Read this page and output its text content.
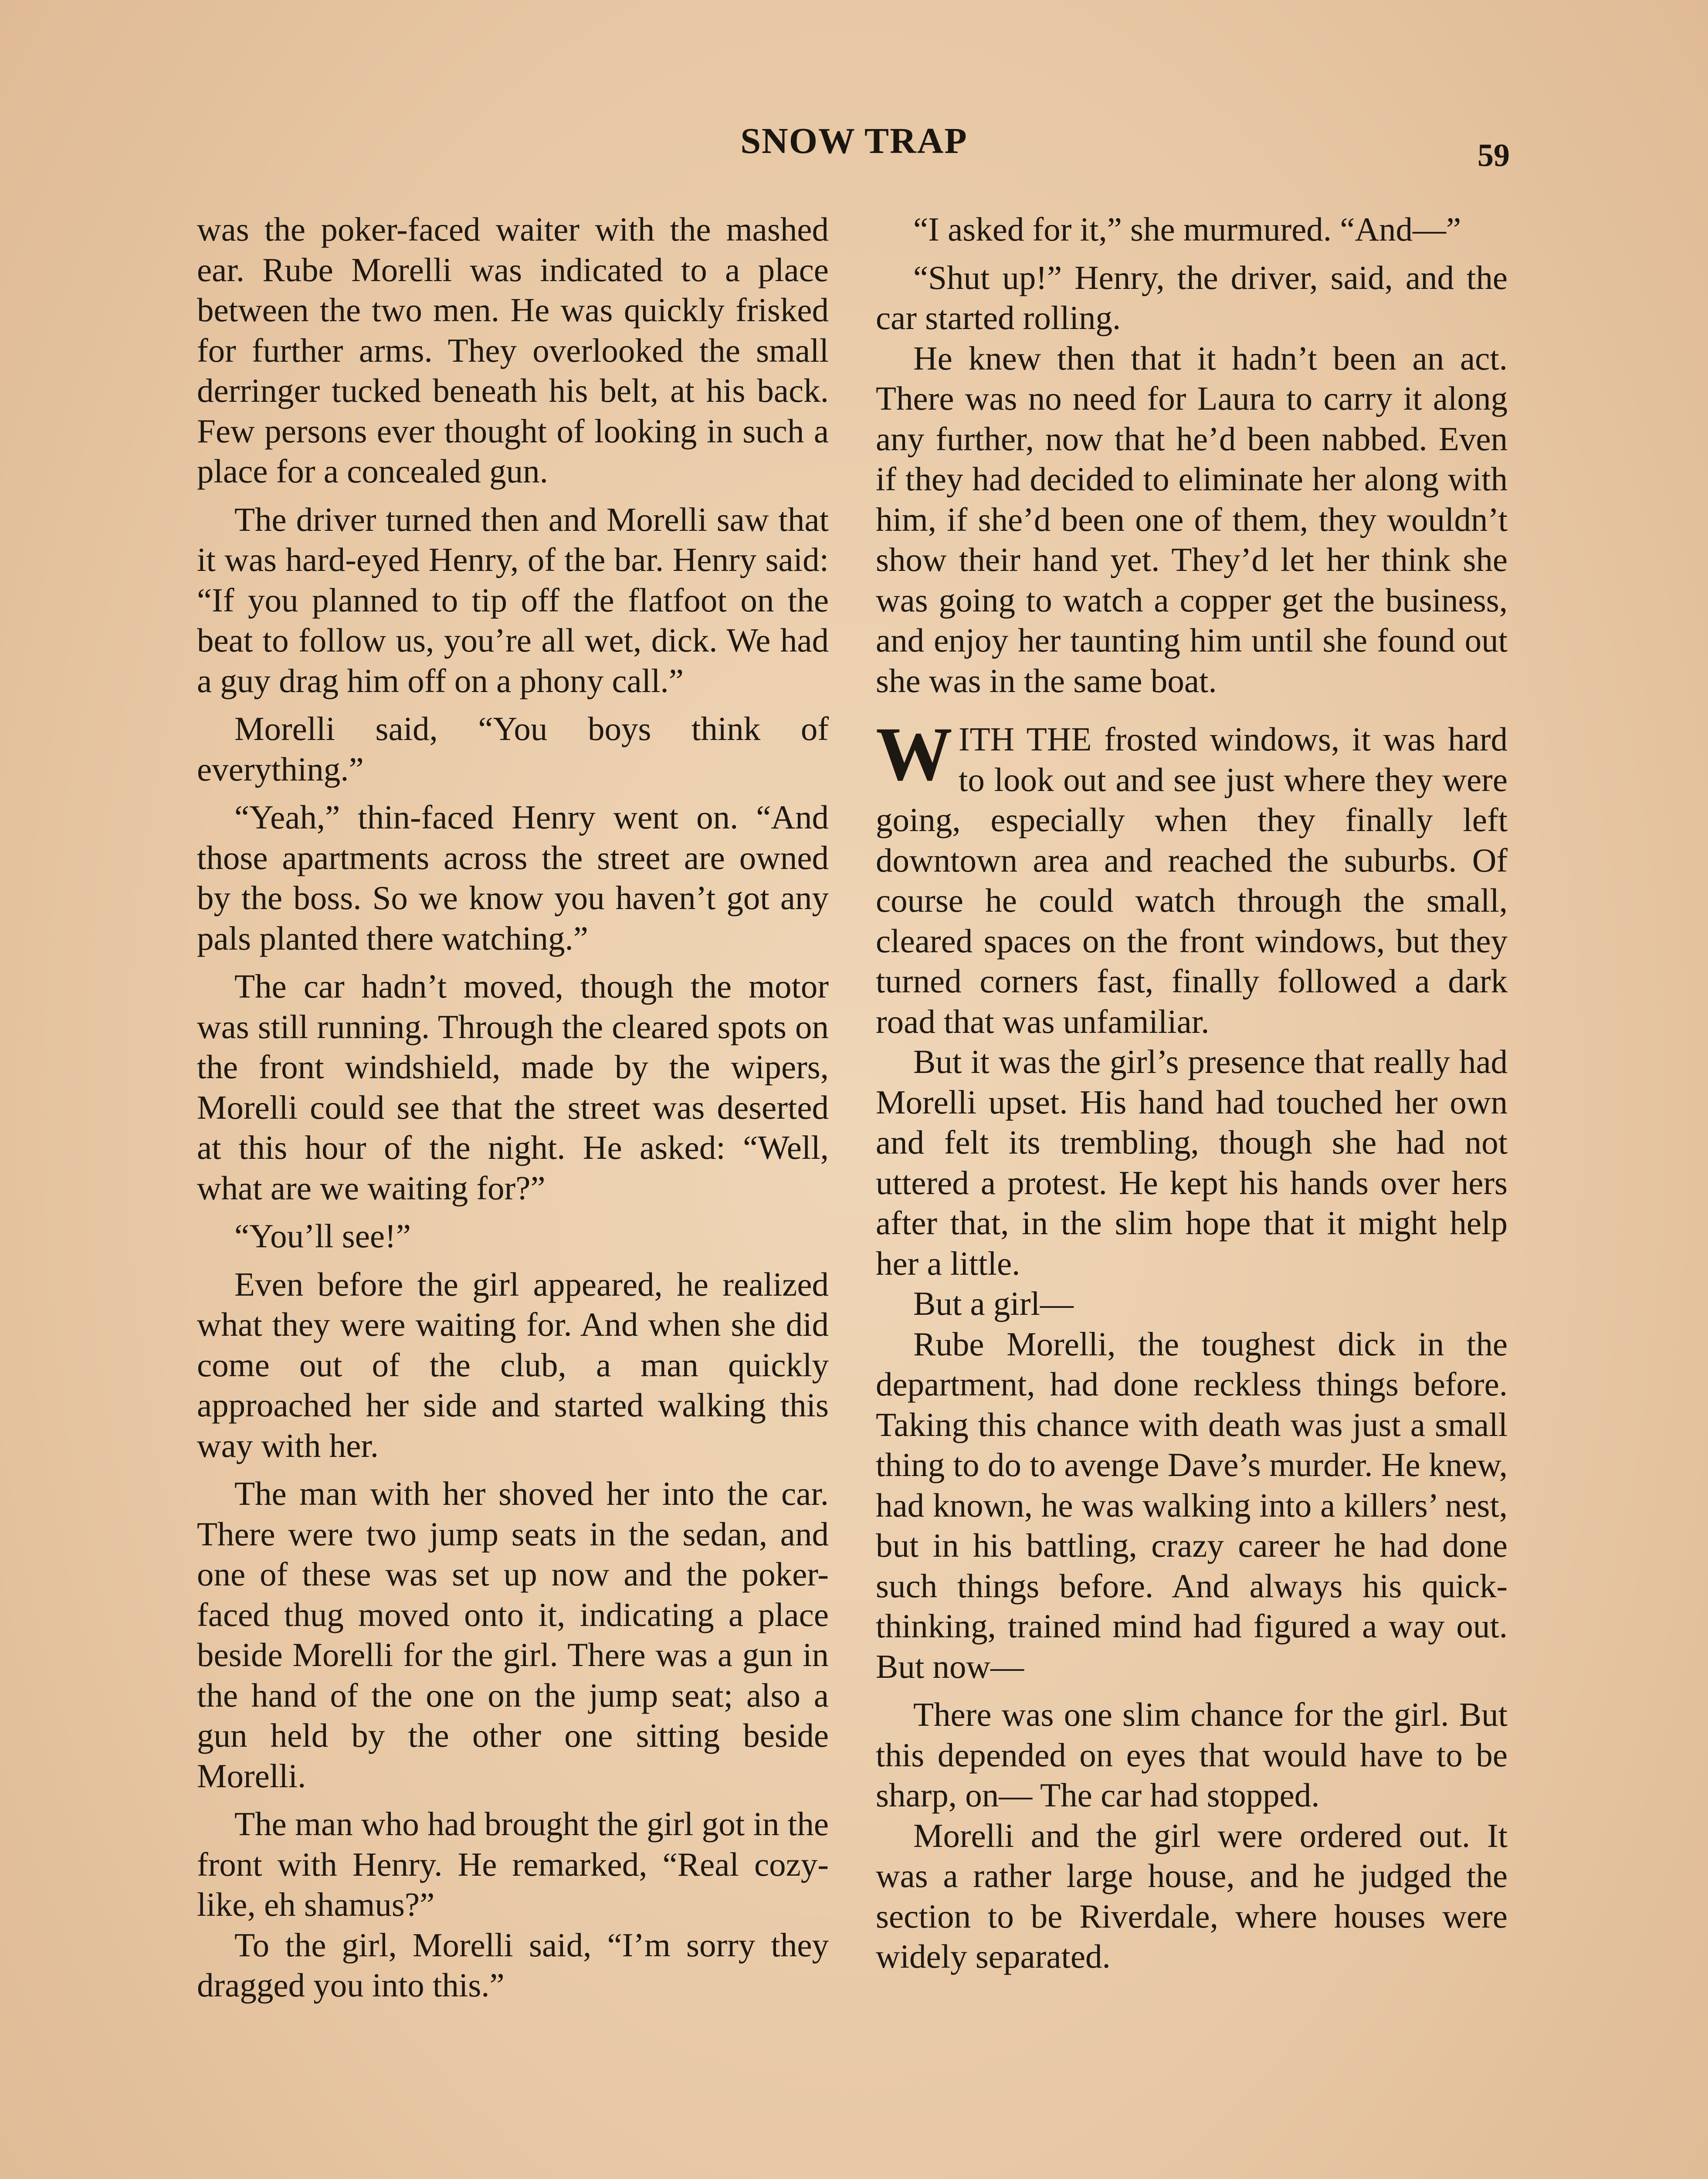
SNOW TRAP	59

was the poker-faced waiter with the mashed ear. Rube Morelli was indicated to a place between the two men. He was quickly frisked for further arms. They overlooked the small derringer tucked beneath his belt, at his back. Few persons ever thought of looking in such a place for a concealed gun.

The driver turned then and Morelli saw that it was hard-eyed Henry, of the bar. Henry said: “If you planned to tip off the flatfoot on the beat to follow us, you’re all wet, dick. We had a guy drag him off on a phony call.”

Morelli said, “You boys think of everything.”

“Yeah,” thin-faced Henry went on. “And those apartments across the street are owned by the boss. So we know you haven’t got any pals planted there watching.”

The car hadn’t moved, though the motor was still running. Through the cleared spots on the front windshield, made by the wipers, Morelli could see that the street was deserted at this hour of the night. He asked: “Well, what are we waiting for?”

“You’ll see!”

Even before the girl appeared, he realized what they were waiting for. And when she did come out of the club, a man quickly approached her side and started walking this way with her.

The man with her shoved her into the car. There were two jump seats in the sedan, and one of these was set up now and the poker-faced thug moved onto it, indicating a place beside Morelli for the girl. There was a gun in the hand of the one on the jump seat; also a gun held by the other one sitting beside Morelli.

The man who had brought the girl got in the front with Henry. He remarked, “Real cozy-like, eh shamus?”

To the girl, Morelli said, “I’m sorry they dragged you into this.”

“I asked for it,” she murmured. “And—”

“Shut up!” Henry, the driver, said, and the car started rolling.

He knew then that it hadn’t been an act. There was no need for Laura to carry it along any further, now that he’d been nabbed. Even if they had decided to eliminate her along with him, if she’d been one of them, they wouldn’t show their hand yet. They’d let her think she was going to watch a copper get the business, and enjoy her taunting him until she found out she was in the same boat.

WITH THE frosted windows, it was hard to look out and see just where they were going, especially when they finally left downtown area and reached the suburbs. Of course he could watch through the small, cleared spaces on the front windows, but they turned corners fast, finally followed a dark road that was unfamiliar.

But it was the girl’s presence that really had Morelli upset. His hand had touched her own and felt its trembling, though she had not uttered a protest. He kept his hands over hers after that, in the slim hope that it might help her a little.

But a girl—

Rube Morelli, the toughest dick in the department, had done reckless things before. Taking this chance with death was just a small thing to do to avenge Dave’s murder. He knew, had known, he was walking into a killers’ nest, but in his battling, crazy career he had done such things before. And always his quick-thinking, trained mind had figured a way out. But now—

There was one slim chance for the girl. But this depended on eyes that would have to be sharp, on— The car had stopped.

Morelli and the girl were ordered out. It was a rather large house, and he judged the section to be Riverdale, where houses were widely separated.
